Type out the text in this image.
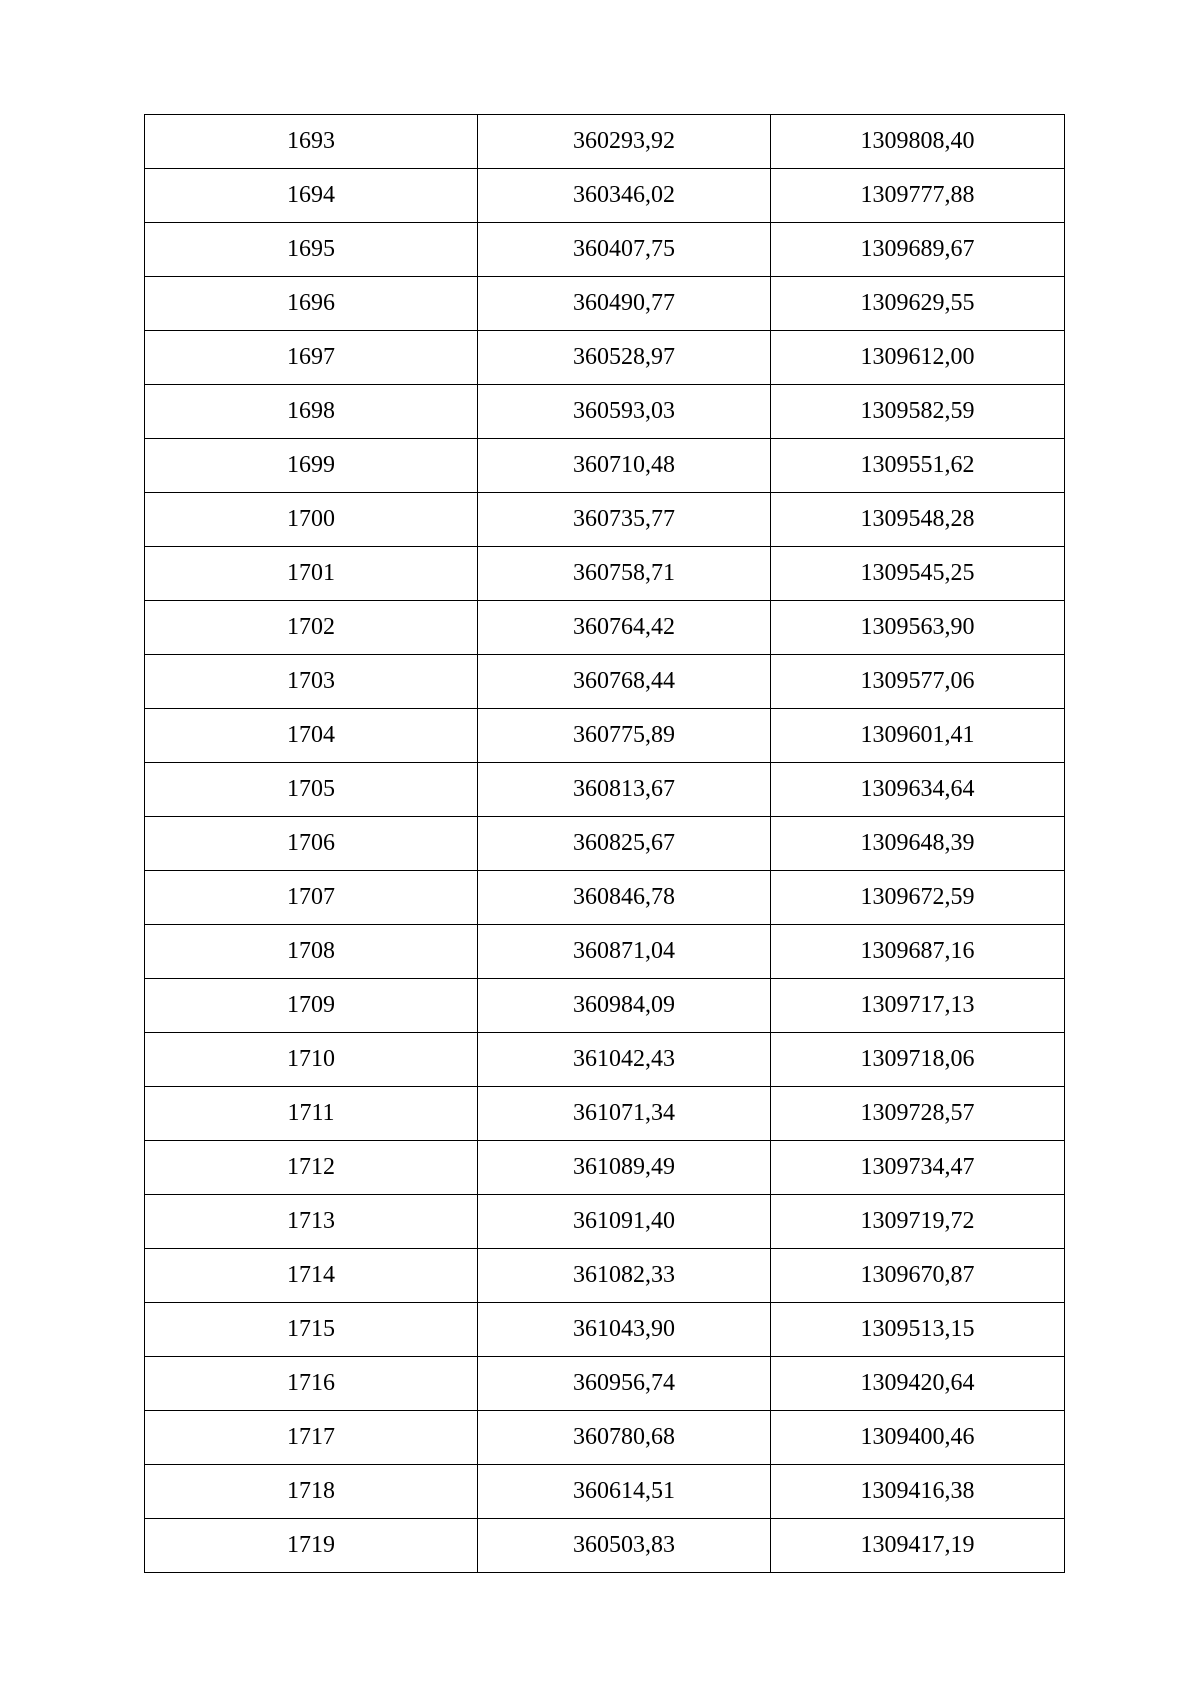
1693	360293,92	1309808,40
1694	360346,02	1309777,88
1695	360407,75	1309689,67
1696	360490,77	1309629,55
1697	360528,97	1309612,00
1698	360593,03	1309582,59
1699	360710,48	1309551,62
1700	360735,77	1309548,28
1701	360758,71	1309545,25
1702	360764,42	1309563,90
1703	360768,44	1309577,06
1704	360775,89	1309601,41
1705	360813,67	1309634,64
1706	360825,67	1309648,39
1707	360846,78	1309672,59
1708	360871,04	1309687,16
1709	360984,09	1309717,13
1710	361042,43	1309718,06
1711	361071,34	1309728,57
1712	361089,49	1309734,47
1713	361091,40	1309719,72
1714	361082,33	1309670,87
1715	361043,90	1309513,15
1716	360956,74	1309420,64
1717	360780,68	1309400,46
1718	360614,51	1309416,38
1719	360503,83	1309417,19
